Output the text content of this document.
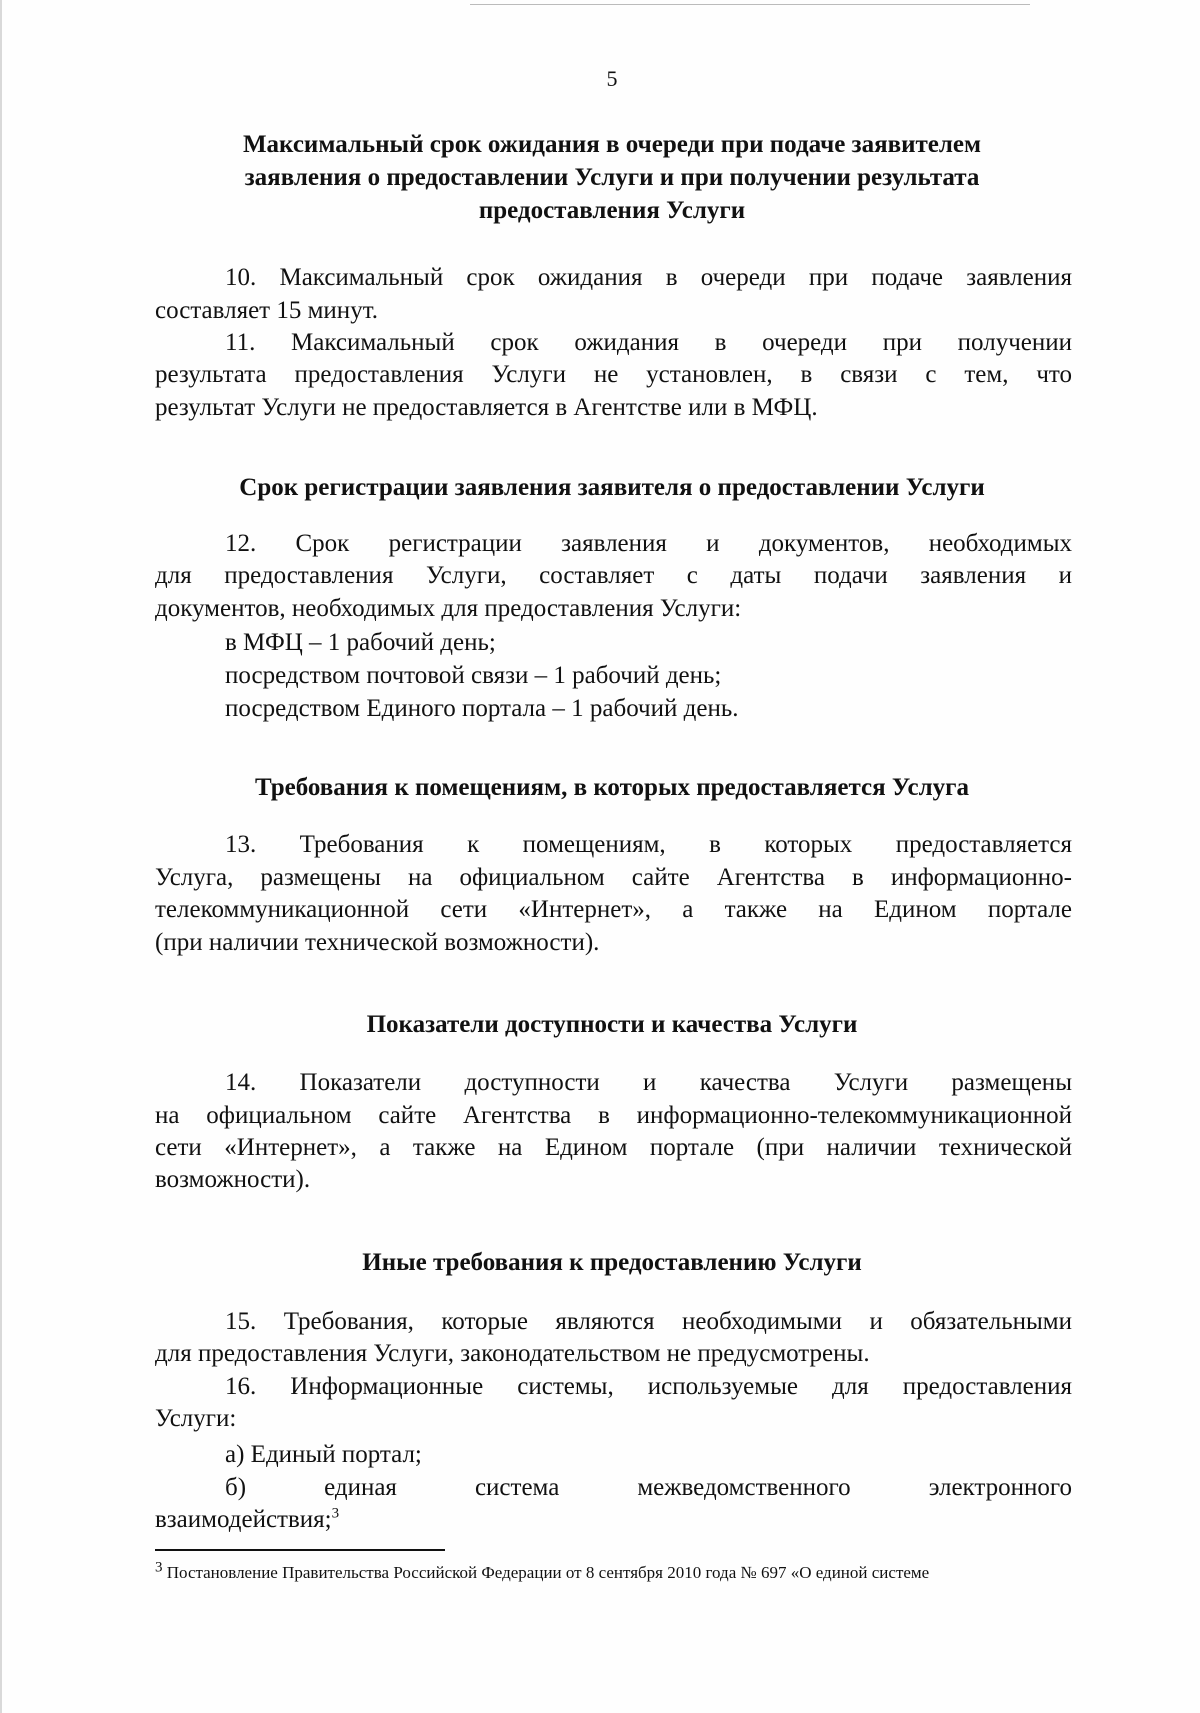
5
Максимальный срок ожидания в очереди при подаче заявителем
заявления о предоставлении Услуги и при получении результата
предоставления Услуги
10. Максимальный срок ожидания в очереди при подаче заявления
составляет 15 минут.
11. Максимальный срок ожидания в очереди при получении
результата предоставления Услуги не установлен, в связи с тем, что
результат Услуги не предоставляется в Агентстве или в МФЦ.
Срок регистрации заявления заявителя о предоставлении Услуги
12. Срок регистрации заявления и документов, необходимых
для предоставления Услуги, составляет с даты подачи заявления и
документов, необходимых для предоставления Услуги:
в МФЦ – 1 рабочий день;
посредством почтовой связи – 1 рабочий день;
посредством Единого портала – 1 рабочий день.
Требования к помещениям, в которых предоставляется Услуга
13. Требования к помещениям, в которых предоставляется
Услуга, размещены на официальном сайте Агентства в информационно-
телекоммуникационной сети «Интернет», а также на Едином портале
(при наличии технической возможности).
Показатели доступности и качества Услуги
14. Показатели доступности и качества Услуги размещены
на официальном сайте Агентства в информационно-телекоммуникационной
сети «Интернет», а также на Едином портале (при наличии технической
возможности).
Иные требования к предоставлению Услуги
15. Требования, которые являются необходимыми и обязательными
для предоставления Услуги, законодательством не предусмотрены.
16. Информационные системы, используемые для предоставления
Услуги:
а) Единый портал;
б) единая система межведомственного электронного
взаимодействия;$^3$
$^3$ Постановление Правительства Российской Федерации от 8 сентября 2010 года № 697 «О единой системе
